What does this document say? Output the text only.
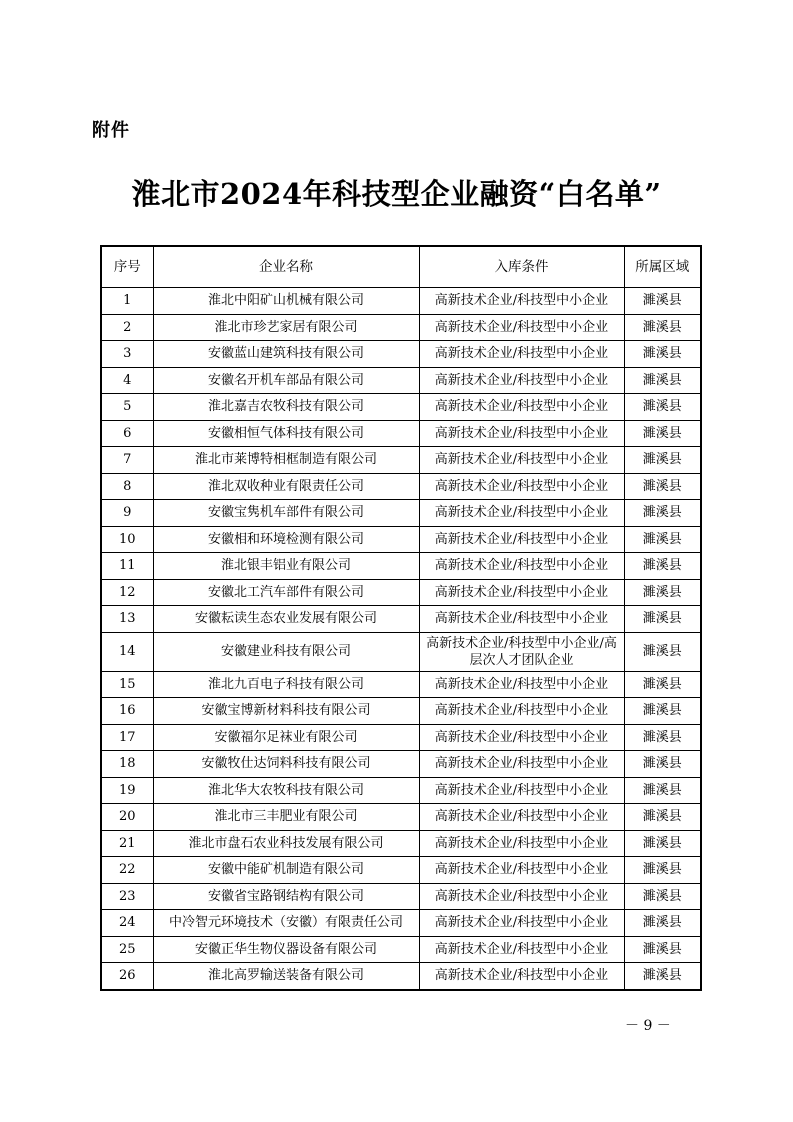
附件
淮北市2024年科技型企业融资“白名单”
序号	企业名称	入库条件	所属区域
1	淮北中阳矿山机械有限公司	高新技术企业/科技型中小企业	濉溪县
2	淮北市珍艺家居有限公司	高新技术企业/科技型中小企业	濉溪县
3	安徽蓝山建筑科技有限公司	高新技术企业/科技型中小企业	濉溪县
4	安徽名开机车部品有限公司	高新技术企业/科技型中小企业	濉溪县
5	淮北嘉吉农牧科技有限公司	高新技术企业/科技型中小企业	濉溪县
6	安徽相恒气体科技有限公司	高新技术企业/科技型中小企业	濉溪县
7	淮北市莱博特相框制造有限公司	高新技术企业/科技型中小企业	濉溪县
8	淮北双收种业有限责任公司	高新技术企业/科技型中小企业	濉溪县
9	安徽宝隽机车部件有限公司	高新技术企业/科技型中小企业	濉溪县
10	安徽相和环境检测有限公司	高新技术企业/科技型中小企业	濉溪县
11	淮北银丰铝业有限公司	高新技术企业/科技型中小企业	濉溪县
12	安徽北工汽车部件有限公司	高新技术企业/科技型中小企业	濉溪县
13	安徽耘读生态农业发展有限公司	高新技术企业/科技型中小企业	濉溪县
14	安徽建业科技有限公司	高新技术企业/科技型中小企业/高层次人才团队企业	濉溪县
15	淮北九百电子科技有限公司	高新技术企业/科技型中小企业	濉溪县
16	安徽宝博新材料科技有限公司	高新技术企业/科技型中小企业	濉溪县
17	安徽福尔足袜业有限公司	高新技术企业/科技型中小企业	濉溪县
18	安徽牧仕达饲料科技有限公司	高新技术企业/科技型中小企业	濉溪县
19	淮北华大农牧科技有限公司	高新技术企业/科技型中小企业	濉溪县
20	淮北市三丰肥业有限公司	高新技术企业/科技型中小企业	濉溪县
21	淮北市盘石农业科技发展有限公司	高新技术企业/科技型中小企业	濉溪县
22	安徽中能矿机制造有限公司	高新技术企业/科技型中小企业	濉溪县
23	安徽省宝路钢结构有限公司	高新技术企业/科技型中小企业	濉溪县
24	中冷智元环境技术（安徽）有限责任公司	高新技术企业/科技型中小企业	濉溪县
25	安徽正华生物仪器设备有限公司	高新技术企业/科技型中小企业	濉溪县
26	淮北高罗输送装备有限公司	高新技术企业/科技型中小企业	濉溪县
－ 9 －
